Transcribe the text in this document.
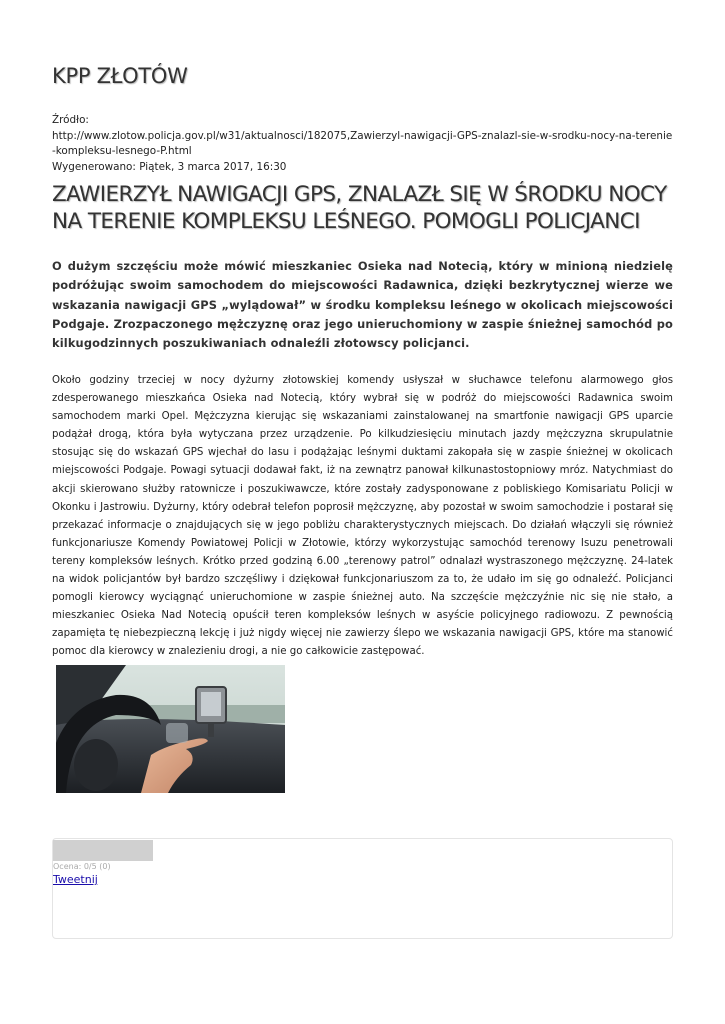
KPP ZŁOTÓW
Źródło:
http://www.zlotow.policja.gov.pl/w31/aktualnosci/182075,Zawierzyl-nawigacji-GPS-znalazl-sie-w-srodku-nocy-na-terenie-kompleksu-lesnego-P.html
Wygenerowano: Piątek, 3 marca 2017, 16:30
ZAWIERZYŁ NAWIGACJI GPS, ZNALAZŁ SIĘ W ŚRODKU NOCY NA TERENIE KOMPLEKSU LEŚNEGO. POMOGLI POLICJANCI

O dużym szczęściu może mówić mieszkaniec Osieka nad Notecią, który w minioną niedzielę podróżując swoim samochodem do miejscowości Radawnica, dzięki bezkrytycznej wierze we wskazania nawigacji GPS „wylądował” w środku kompleksu leśnego w okolicach miejscowości Podgaje. Zrozpaczonego mężczyznę oraz jego unieruchomiony w zaspie śnieżnej samochód po kilkugodzinnych poszukiwaniach odnaleźli złotowscy policjanci.

Około godziny trzeciej w nocy dyżurny złotowskiej komendy usłyszał w słuchawce telefonu alarmowego głos zdesperowanego mieszkańca Osieka nad Notecią, który wybrał się w podróż do miejscowości Radawnica swoim samochodem marki Opel. Mężczyzna kierując się wskazaniami zainstalowanej na smartfonie nawigacji GPS uparcie podążał drogą, która była wytyczana przez urządzenie. Po kilkudziesięciu minutach jazdy mężczyzna skrupulatnie stosując się do wskazań GPS wjechał do lasu i podążając leśnymi duktami zakopała się w zaspie śnieżnej w okolicach miejscowości Podgaje. Powagi sytuacji dodawał fakt, iż na zewnątrz panował kilkunastostopniowy mróz. Natychmiast do akcji skierowano służby ratownicze i poszukiwawcze, które zostały zadysponowane z pobliskiego Komisariatu Policji w Okonku i Jastrowiu. Dyżurny, który odebrał telefon poprosił mężczyznę, aby pozostał w swoim samochodzie i postarał się przekazać informacje o znajdujących się w jego pobliżu charakterystycznych miejscach. Do działań włączyli się również funkcjonariusze Komendy Powiatowej Policji w Złotowie, którzy wykorzystując samochód terenowy Isuzu penetrowali tereny kompleksów leśnych. Krótko przed godziną 6.00 „terenowy patrol” odnalazł wystraszonego mężczyznę. 24-latek na widok policjantów był bardzo szczęśliwy i dziękował funkcjonariuszom za to, że udało im się go odnaleźć. Policjanci pomogli kierowcy wyciągnąć unieruchomione w zaspie śnieżnej auto. Na szczęście mężczyźnie nic się nie stało, a mieszkaniec Osieka Nad Notecią opuścił teren kompleksów leśnych w asyście policyjnego radiowozu. Z pewnością zapamięta tę niebezpieczną lekcję i już nigdy więcej nie zawierzy ślepo we wskazania nawigacji GPS, które ma stanowić pomoc dla kierowcy w znalezieniu drogi, a nie go całkowicie zastępować.

Ocena: 0/5 (0)
Tweetnij
